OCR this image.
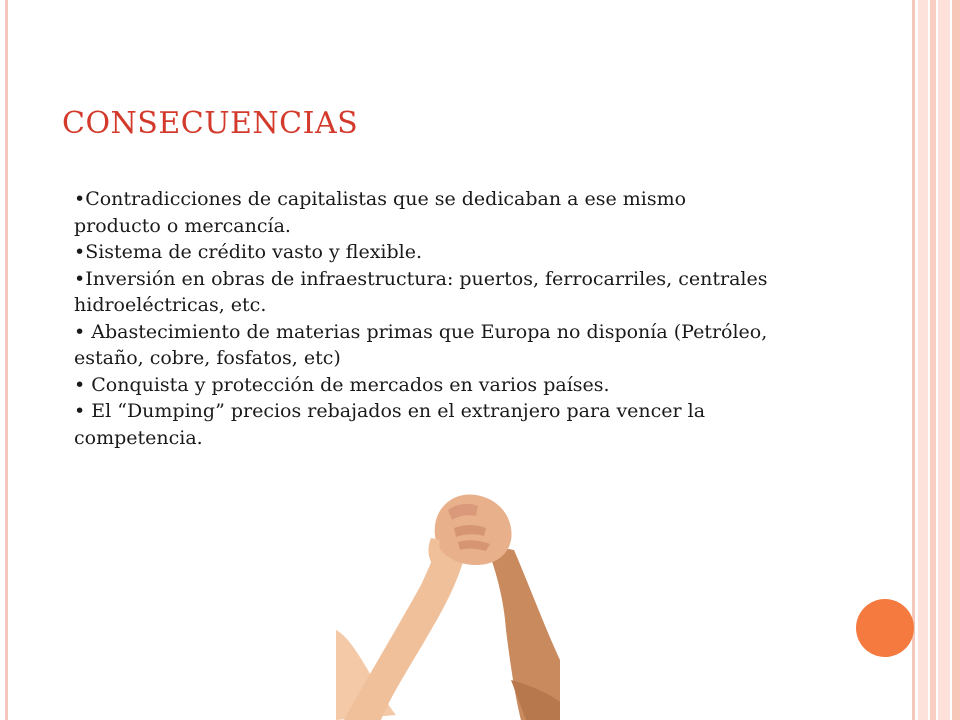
CONSECUENCIAS
•Contradicciones de capitalistas que se dedicaban a ese mismo producto o mercancía.
•Sistema de crédito vasto y flexible.
•Inversión en obras de infraestructura: puertos, ferrocarriles, centrales hidroeléctricas, etc.
• Abastecimiento de materias primas que Europa no disponía (Petróleo, estaño, cobre, fosfatos, etc)
• Conquista y protección de mercados en varios países.
• El “Dumping” precios rebajados en el extranjero para vencer la competencia.
